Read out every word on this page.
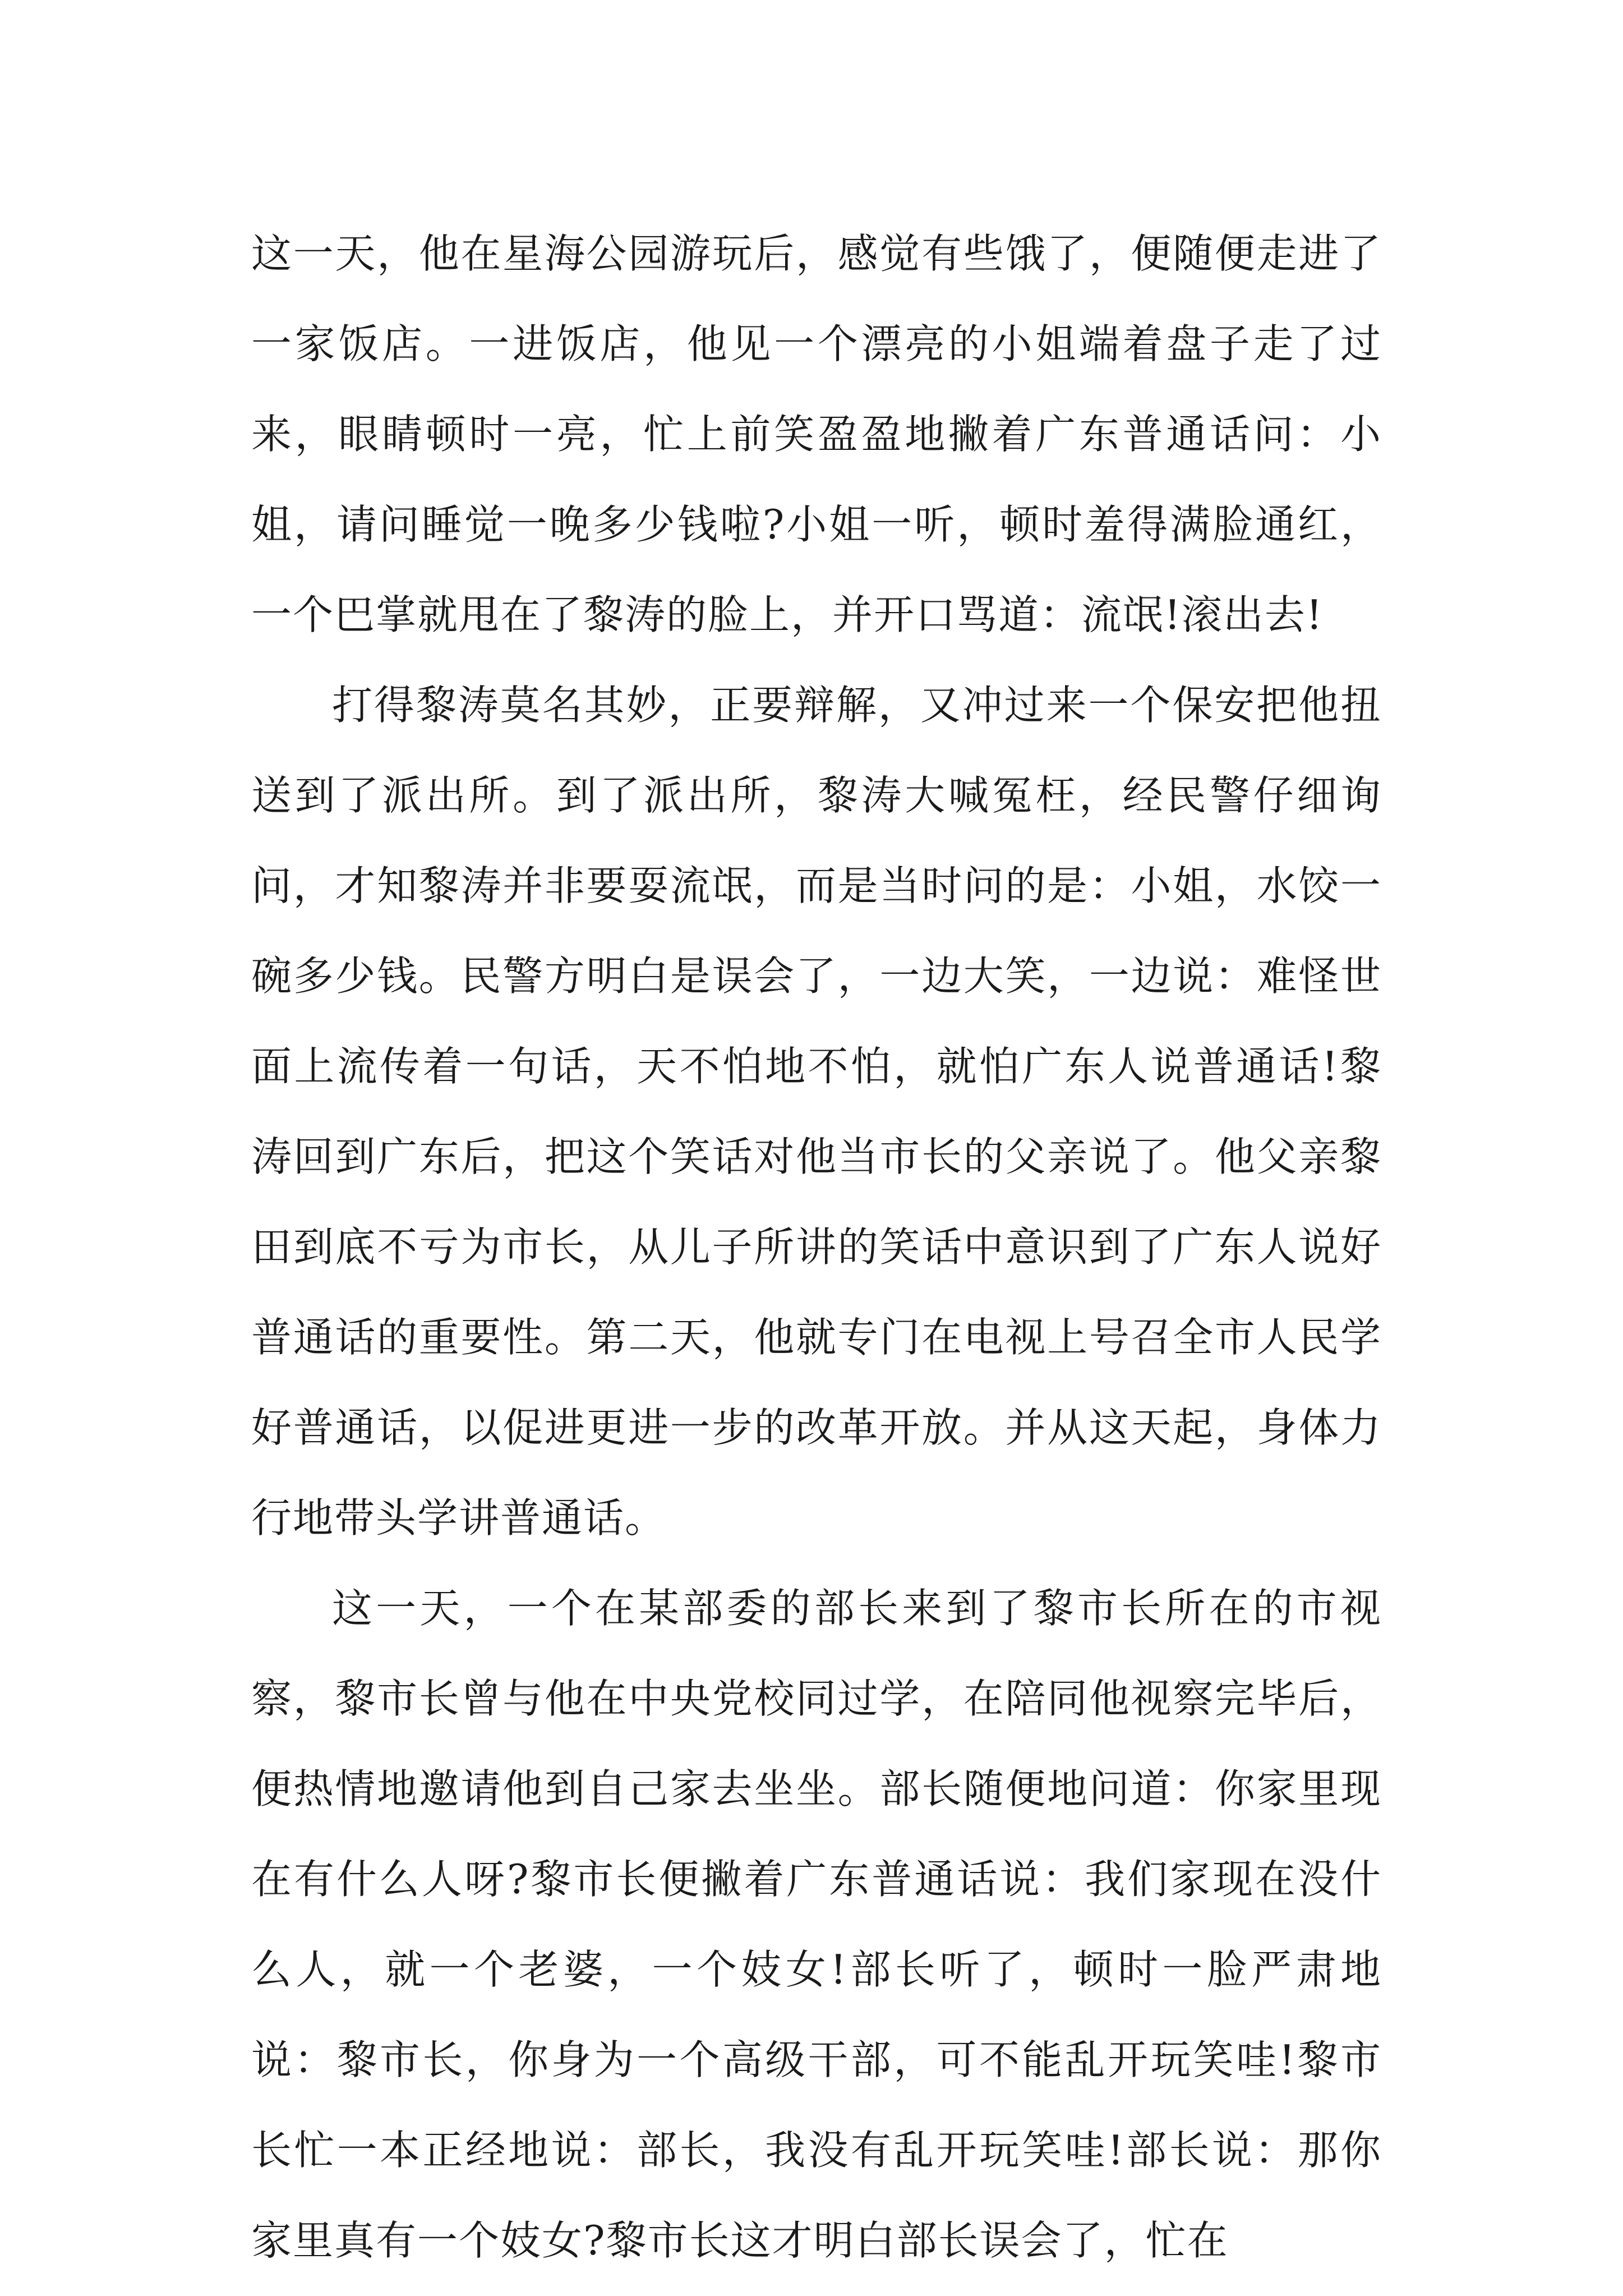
这一天，他在星海公园游玩后，感觉有些饿了，便随便走进了一家饭店。一进饭店，他见一个漂亮的小姐端着盘子走了过来，眼睛顿时一亮，忙上前笑盈盈地撇着广东普通话问：小姐，请问睡觉一晚多少钱啦?小姐一听，顿时羞得满脸通红，一个巴掌就甩在了黎涛的脸上，并开口骂道：流氓!滚出去!

打得黎涛莫名其妙，正要辩解，又冲过来一个保安把他扭送到了派出所。到了派出所，黎涛大喊冤枉，经民警仔细询问，才知黎涛并非要耍流氓，而是当时问的是：小姐，水饺一碗多少钱。民警方明白是误会了，一边大笑，一边说：难怪世面上流传着一句话，天不怕地不怕，就怕广东人说普通话!黎涛回到广东后，把这个笑话对他当市长的父亲说了。他父亲黎田到底不亏为市长，从儿子所讲的笑话中意识到了广东人说好普通话的重要性。第二天，他就专门在电视上号召全市人民学好普通话，以促进更进一步的改革开放。并从这天起，身体力行地带头学讲普通话。

这一天，一个在某部委的部长来到了黎市长所在的市视察，黎市长曾与他在中央党校同过学，在陪同他视察完毕后，便热情地邀请他到自己家去坐坐。部长随便地问道：你家里现在有什么人呀?黎市长便撇着广东普通话说：我们家现在没什么人，就一个老婆，一个妓女!部长听了，顿时一脸严肃地说：黎市长，你身为一个高级干部，可不能乱开玩笑哇!黎市长忙一本正经地说：部长，我没有乱开玩笑哇!部长说：那你家里真有一个妓女?黎市长这才明白部长误会了，忙在
